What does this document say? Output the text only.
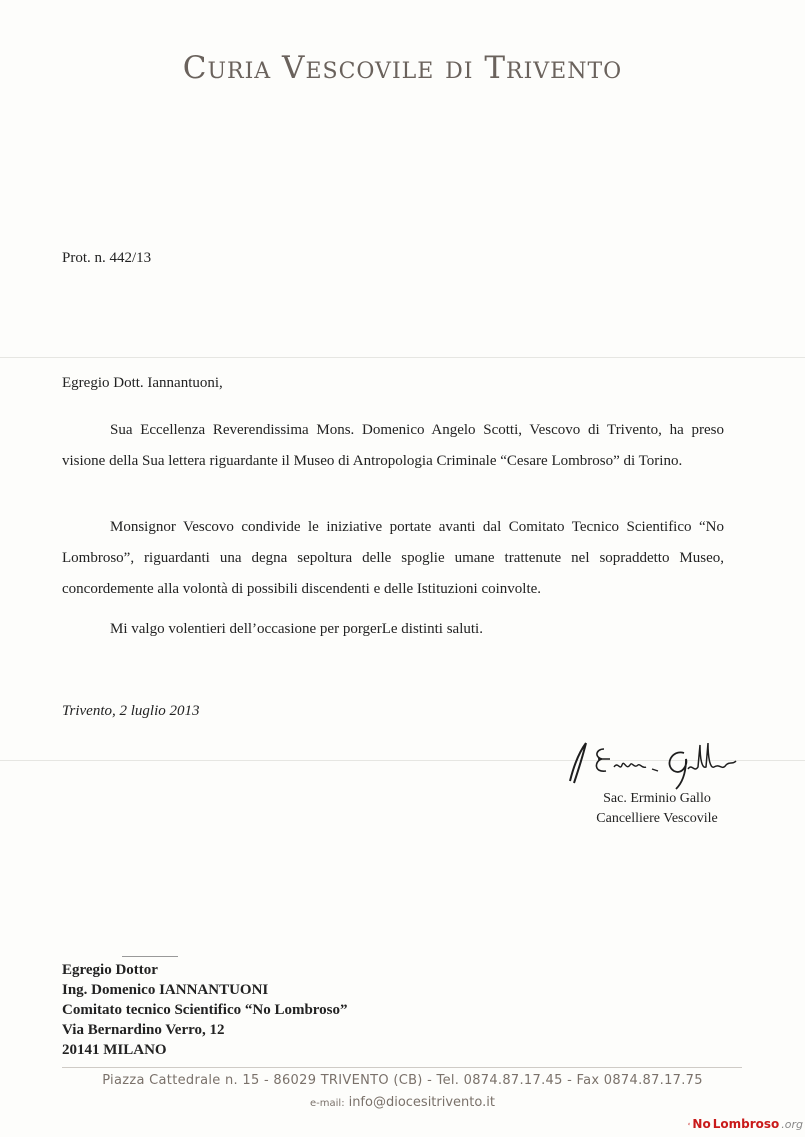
Curia Vescovile di Trivento
Prot. n. 442/13
Egregio Dott. Iannantuoni,

Sua Eccellenza Reverendissima Mons. Domenico Angelo Scotti, Vescovo di Trivento, ha preso visione della Sua lettera riguardante il Museo di Antropologia Criminale “Cesare Lombroso” di Torino.

Monsignor Vescovo condivide le iniziative portate avanti dal Comitato Tecnico Scientifico “No Lombroso”, riguardanti una degna sepoltura delle spoglie umane trattenute nel sopraddetto Museo, concordemente alla volontà di possibili discendenti e delle Istituzioni coinvolte.

Mi valgo volentieri dell’occasione per porgerLe distinti saluti.

Trivento, 2 luglio 2013
Sac. Erminio Gallo
Cancelliere Vescovile
Egregio Dottor
Ing. Domenico IANNANTUONI
Comitato tecnico Scientifico “No Lombroso”
Via Bernardino Verro, 12
20141 MILANO
Piazza Cattedrale n. 15 - 86029 TRIVENTO (CB) - Tel. 0874.87.17.45 - Fax 0874.87.17.75
e-mail: info@diocesitrivento.it
No Lombroso .org
